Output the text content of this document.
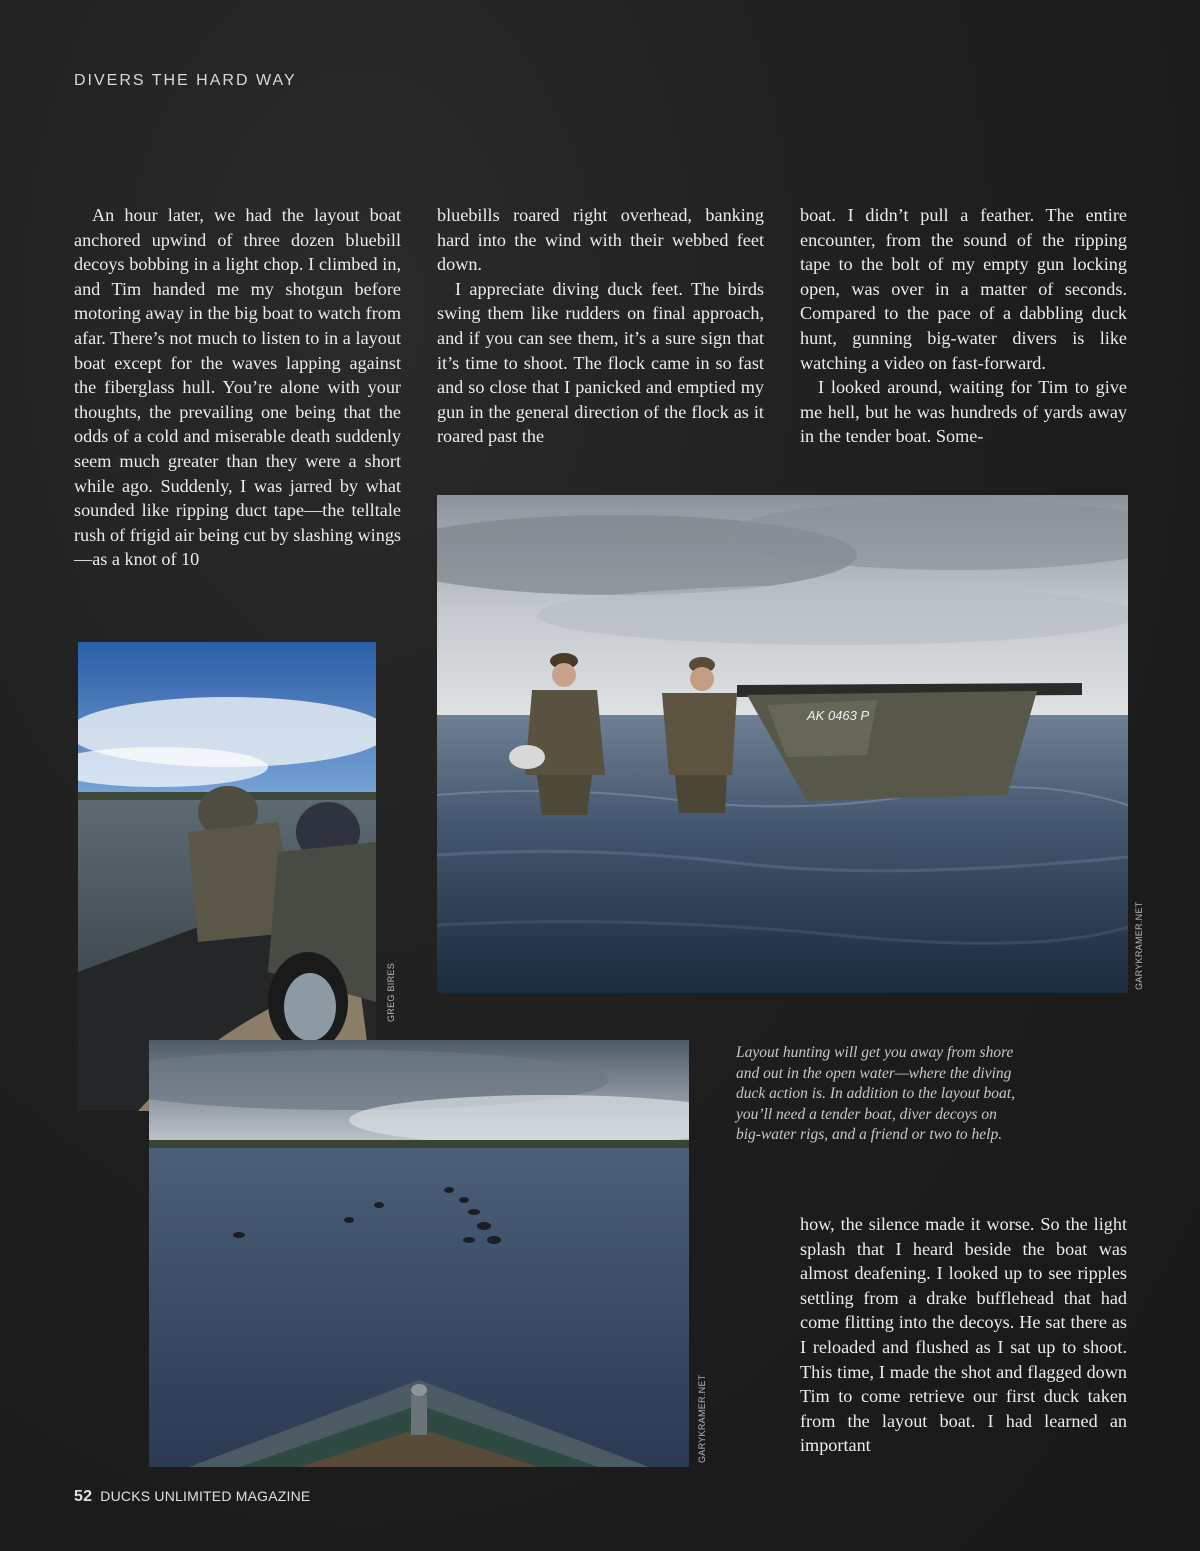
DIVERS THE HARD WAY

An hour later, we had the layout boat anchored upwind of three dozen bluebill decoys bobbing in a light chop. I climbed in, and Tim handed me my shotgun before motoring away in the big boat to watch from afar. There’s not much to listen to in a layout boat except for the waves lapping against the fiberglass hull. You’re alone with your thoughts, the prevailing one being that the odds of a cold and miserable death suddenly seem much greater than they were a short while ago. Suddenly, I was jarred by what sounded like ripping duct tape—the telltale rush of frigid air being cut by slashing wings—as a knot of 10

bluebills roared right overhead, banking hard into the wind with their webbed feet down.

I appreciate diving duck feet. The birds swing them like rudders on final approach, and if you can see them, it’s a sure sign that it’s time to shoot. The flock came in so fast and so close that I panicked and emptied my gun in the general direction of the flock as it roared past the

boat. I didn’t pull a feather. The entire encounter, from the sound of the ripping tape to the bolt of my empty gun locking open, was over in a matter of seconds. Compared to the pace of a dabbling duck hunt, gunning big-water divers is like watching a video on fast-forward.

I looked around, waiting for Tim to give me hell, but he was hundreds of yards away in the tender boat. Some-

how, the silence made it worse. So the light splash that I heard beside the boat was almost deafening. I looked up to see ripples settling from a drake bufflehead that had come flitting into the decoys. He sat there as I reloaded and flushed as I sat up to shoot. This time, I made the shot and flagged down Tim to come retrieve our first duck taken from the layout boat. I had learned an important

AK 0463 P
GARYKRAMER.NET
GREG BIRES
GARYKRAMER.NET
Layout hunting will get you away from shore
and out in the open water—where the diving
duck action is. In addition to the layout boat,
you’ll need a tender boat, diver decoys on
big-water rigs, and a friend or two to help.
52 DUCKS UNLIMITED MAGAZINE
